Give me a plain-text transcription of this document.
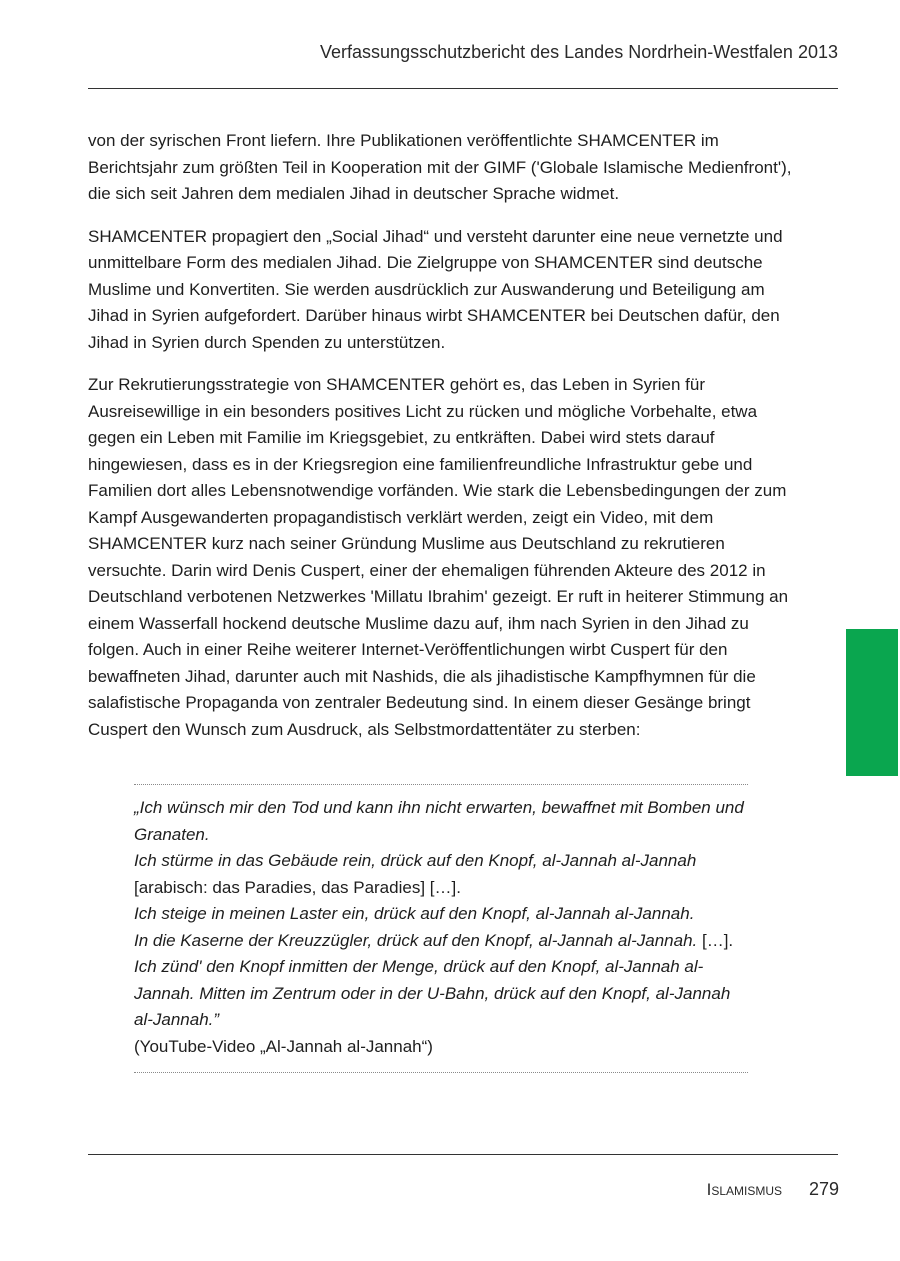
Verfassungsschutzbericht des Landes Nordrhein-Westfalen 2013

von der syrischen Front liefern. Ihre Publikationen veröffentlichte SHAMCENTER im Berichtsjahr zum größten Teil in Kooperation mit der GIMF ('Globale Islamische Medienfront'), die sich seit Jahren dem medialen Jihad in deutscher Sprache widmet.

SHAMCENTER propagiert den „Social Jihad“ und versteht darunter eine neue vernetzte und unmittelbare Form des medialen Jihad. Die Zielgruppe von SHAMCENTER sind deutsche Muslime und Konvertiten. Sie werden ausdrücklich zur Auswanderung und Beteiligung am Jihad in Syrien aufgefordert. Darüber hinaus wirbt SHAMCENTER bei Deutschen dafür, den Jihad in Syrien durch Spenden zu unterstützen.

Zur Rekrutierungsstrategie von SHAMCENTER gehört es, das Leben in Syrien für Ausreisewillige in ein besonders positives Licht zu rücken und mögliche Vorbehalte, etwa gegen ein Leben mit Familie im Kriegsgebiet, zu entkräften. Dabei wird stets darauf hingewiesen, dass es in der Kriegsregion eine familienfreundliche Infrastruktur gebe und Familien dort alles Lebensnotwendige vorfänden. Wie stark die Lebensbedingungen der zum Kampf Ausgewanderten propagandistisch verklärt werden, zeigt ein Video, mit dem SHAMCENTER kurz nach seiner Gründung Muslime aus Deutschland zu rekrutieren versuchte. Darin wird Denis Cuspert, einer der ehemaligen führenden Akteure des 2012 in Deutschland verbotenen Netzwerkes 'Millatu Ibrahim' gezeigt. Er ruft in heiterer Stimmung an einem Wasserfall hockend deutsche Muslime dazu auf, ihm nach Syrien in den Jihad zu folgen. Auch in einer Reihe weiterer Internet-Veröffentlichungen wirbt Cuspert für den bewaffneten Jihad, darunter auch mit Nashids, die als jihadistische Kampfhymnen für die salafistische Propaganda von zentraler Bedeutung sind. In einem dieser Gesänge bringt Cuspert den Wunsch zum Ausdruck, als Selbstmordattentäter zu sterben:

„Ich wünsch mir den Tod und kann ihn nicht erwarten, bewaffnet mit Bomben und Granaten.

Ich stürme in das Gebäude rein, drück auf den Knopf, al-Jannah al-Jannah
[arabisch: das Paradies, das Paradies] […].

Ich steige in meinen Laster ein, drück auf den Knopf, al-Jannah al-Jannah.

In die Kaserne der Kreuzzügler, drück auf den Knopf, al-Jannah al-Jannah. […].

Ich zünd' den Knopf inmitten der Menge, drück auf den Knopf, al-Jannah al-Jannah. Mitten im Zentrum oder in der U-Bahn, drück auf den Knopf, al-Jannah al-Jannah.”

(YouTube-Video „Al-Jannah al-Jannah“)

Islamismus 279
